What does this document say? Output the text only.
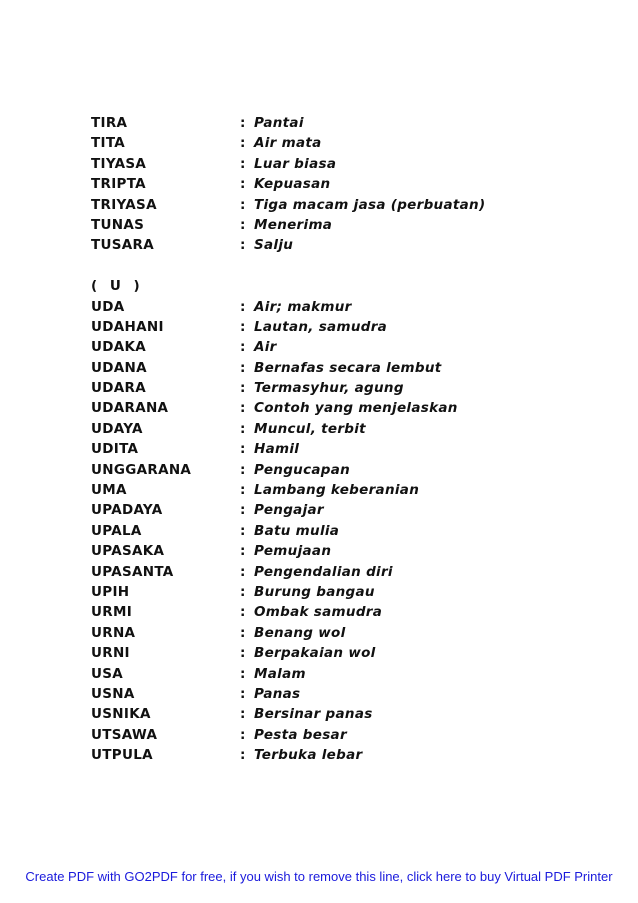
TIRA	: Pantai
TITA	: Air mata
TIYASA	: Luar biasa
TRIPTA	: Kepuasan
TRIYASA	: Tiga macam jasa (perbuatan)
TUNAS	: Menerima
TUSARA	: Salju
( U )
UDA	: Air; makmur
UDAHANI	: Lautan, samudra
UDAKA	: Air
UDANA	: Bernafas secara lembut
UDARA	: Termasyhur, agung
UDARANA	: Contoh yang menjelaskan
UDAYA	: Muncul, terbit
UDITA	: Hamil
UNGGARANA	: Pengucapan
UMA	: Lambang keberanian
UPADAYA	: Pengajar
UPALA	: Batu mulia
UPASAKA	: Pemujaan
UPASANTA	: Pengendalian diri
UPIH	: Burung bangau
URMI	: Ombak samudra
URNA	: Benang wol
URNI	: Berpakaian wol
USA	: Malam
USNA	: Panas
USNIKA	: Bersinar panas
UTSAWA	: Pesta besar
UTPULA	: Terbuka lebar
Create PDF with GO2PDF for free, if you wish to remove this line, click here to buy Virtual PDF Printer
